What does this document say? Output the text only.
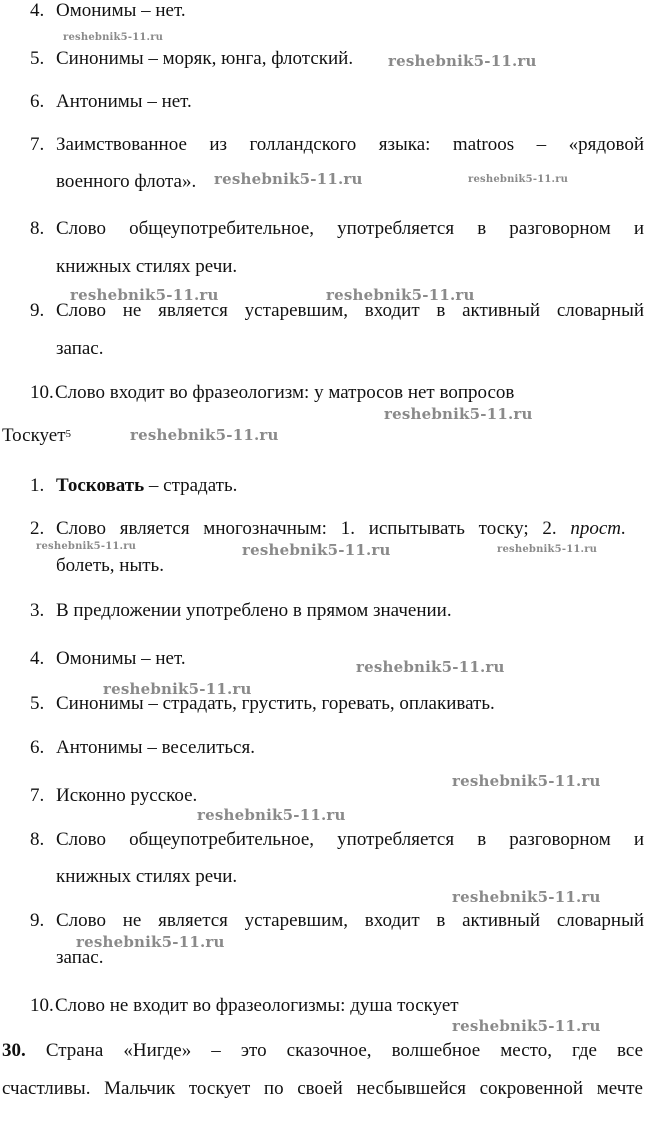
4. Омонимы – нет.
5. Синонимы – моряк, юнга, флотский.
6. Антонимы – нет.
7. Заимствованное из голландского языка: matroos – «рядовой
военного флота».
8. Слово общеупотребительное, употребляется в разговорном и
книжных стилях речи.
9. Слово не является устаревшим, входит в активный словарный
запас.
10. Слово входит во фразеологизм: у матросов нет вопросов
Тоскует$^5$
1. Тосковать – страдать.
2. Слово является многозначным: 1. испытывать тоску; 2. прост.
болеть, ныть.
3. В предложении употреблено в прямом значении.
4. Омонимы – нет.
5. Синонимы – страдать, грустить, горевать, оплакивать.
6. Антонимы – веселиться.
7. Исконно русское.
8. Слово общеупотребительное, употребляется в разговорном и
книжных стилях речи.
9. Слово не является устаревшим, входит в активный словарный
запас.
10. Слово не входит во фразеологизмы: душа тоскует
30. Страна «Нигде» – это сказочное, волшебное место, где все
счастливы. Мальчик тоскует по своей несбывшейся сокровенной мечте
reshebnik5-11.ru
reshebnik5-11.ru
reshebnik5-11.ru	reshebnik5-11.ru
reshebnik5-11.ru	reshebnik5-11.ru
reshebnik5-11.ru
reshebnik5-11.ru
reshebnik5-11.ru	reshebnik5-11.ru	reshebnik5-11.ru
reshebnik5-11.ru
reshebnik5-11.ru
reshebnik5-11.ru
reshebnik5-11.ru
reshebnik5-11.ru
reshebnik5-11.ru
reshebnik5-11.ru
